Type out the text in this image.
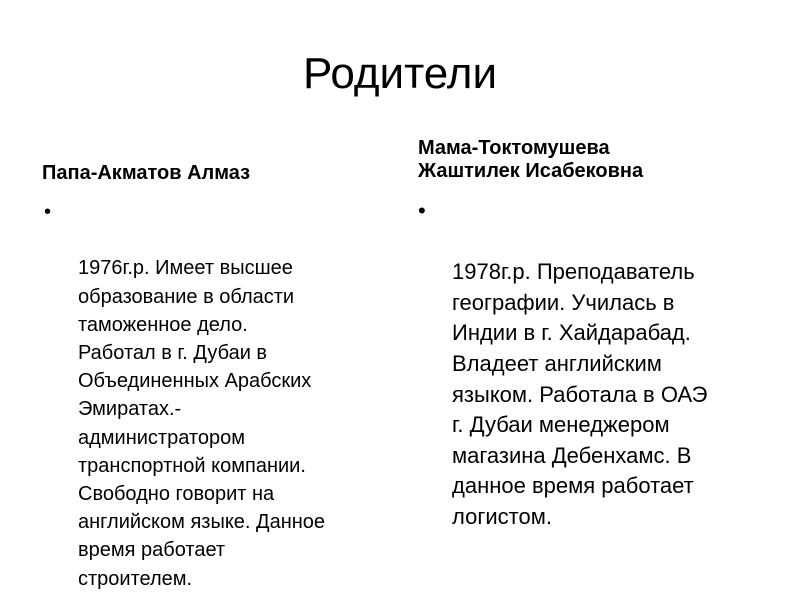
Родители
Папа-Акматов Алмаз

•

1976г.р. Имеет высшее
образование в области
таможенное дело.
Работал в г. Дубаи в
Объединенных Арабских
Эмиратах.-
администратором
транспортной компании.
Свободно говорит на
английском языке. Данное
время работает
строителем.

Мама-Токтомушева
Жаштилек Исабековна

•

1978г.р. Преподаватель
географии. Училась в
Индии в г. Хайдарабад.
Владеет английским
языком. Работала в ОАЭ
г. Дубаи менеджером
магазина Дебенхамс. В
данное время работает
логистом.
